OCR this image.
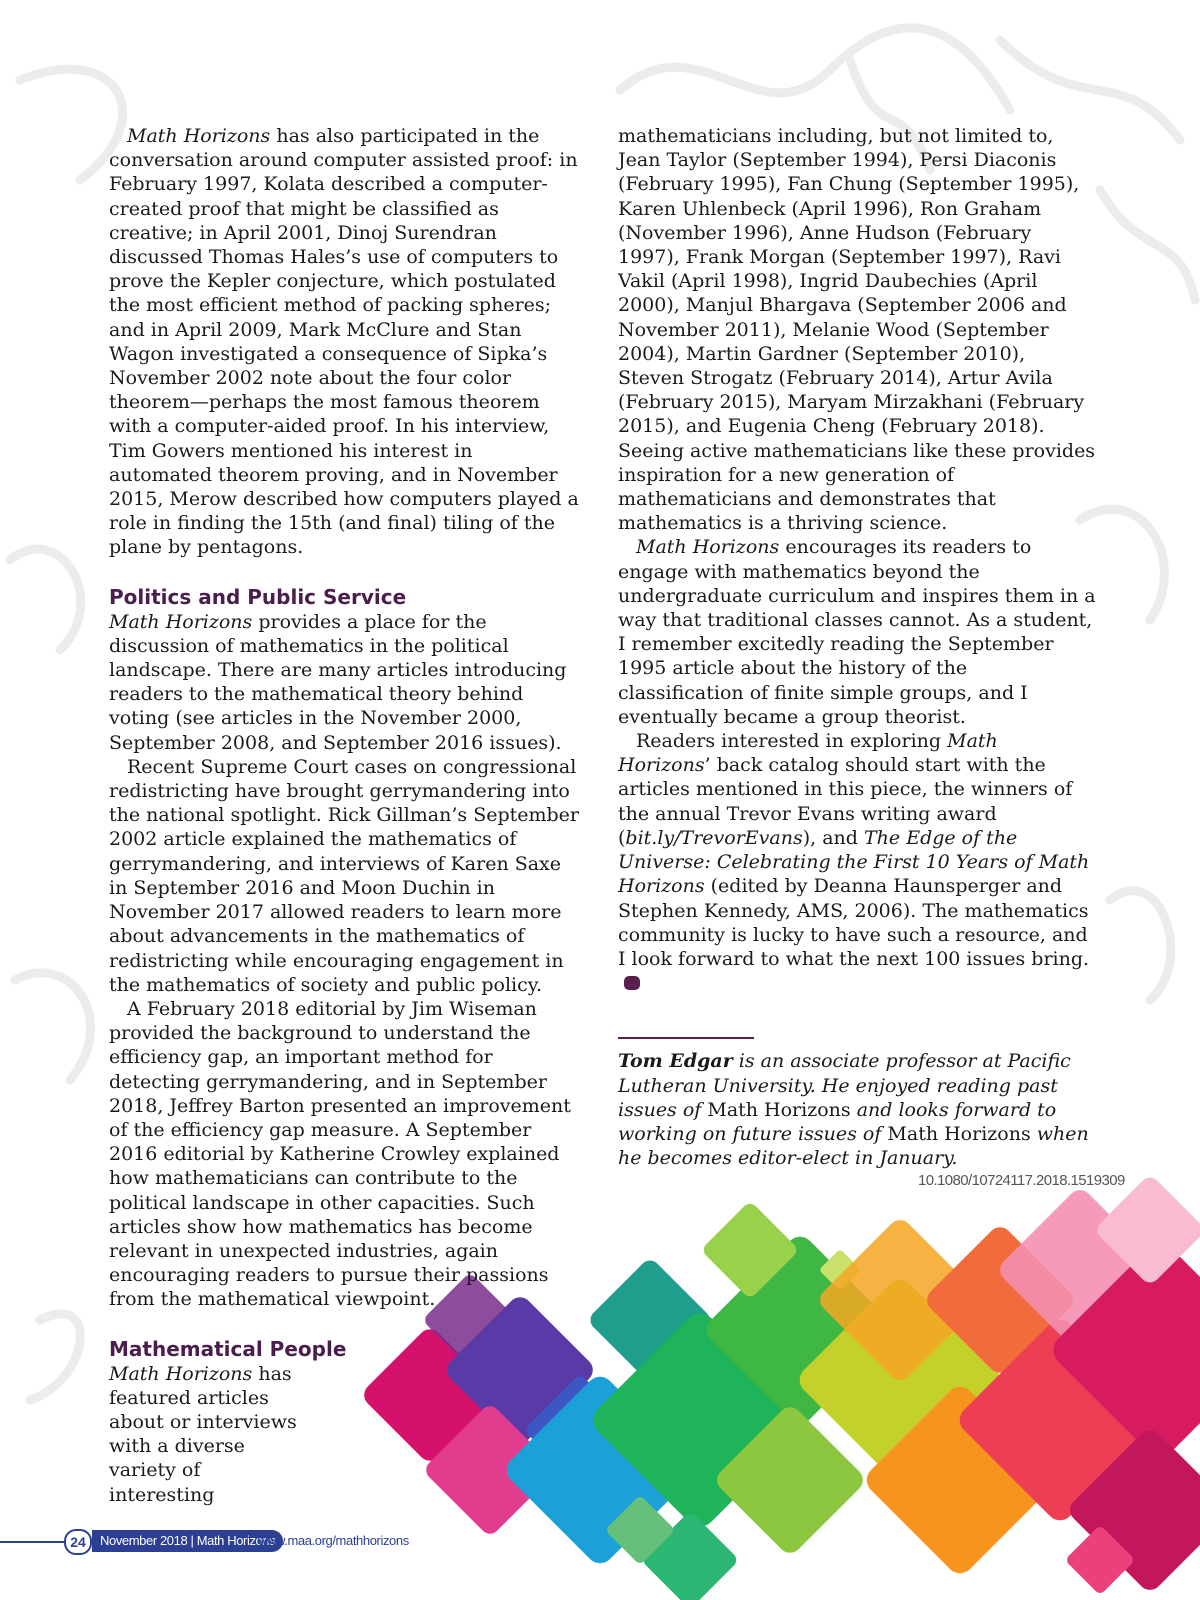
Math Horizons has also participated in the conversation around computer assisted proof: in February 1997, Kolata described a computer-created proof that might be classified as creative; in April 2001, Dinoj Surendran discussed Thomas Hales’s use of computers to prove the Kepler conjecture, which postulated the most efficient method of packing spheres; and in April 2009, Mark McClure and Stan Wagon investigated a consequence of Sipka’s November 2002 note about the four color theorem—perhaps the most famous theorem with a computer-aided proof. In his interview, Tim Gowers mentioned his interest in automated theorem proving, and in November 2015, Merow described how computers played a role in finding the 15th (and final) tiling of the plane by pentagons.

Politics and Public Service

Math Horizons provides a place for the discussion of mathematics in the political landscape. There are many articles introducing readers to the mathematical theory behind voting (see articles in the November 2000, September 2008, and September 2016 issues).

Recent Supreme Court cases on congressional redistricting have brought gerrymandering into the national spotlight. Rick Gillman’s September 2002 article explained the mathematics of gerrymandering, and interviews of Karen Saxe in September 2016 and Moon Duchin in November 2017 allowed readers to learn more about advancements in the mathematics of redistricting while encouraging engagement in the mathematics of society and public policy.

A February 2018 editorial by Jim Wiseman provided the background to understand the efficiency gap, an important method for detecting gerrymandering, and in September 2018, Jeffrey Barton presented an improvement of the efficiency gap measure. A September 2016 editorial by Katherine Crowley explained how mathematicians can contribute to the political landscape in other capacities. Such articles show how mathematics has become relevant in unexpected industries, again encouraging readers to pursue their passions from the mathematical viewpoint.

Mathematical People

Math Horizons has featured articles about or interviews with a diverse variety of interesting

mathematicians including, but not limited to, Jean Taylor (September 1994), Persi Diaconis (February 1995), Fan Chung (September 1995), Karen Uhlenbeck (April 1996), Ron Graham (November 1996), Anne Hudson (February 1997), Frank Morgan (September 1997), Ravi Vakil (April 1998), Ingrid Daubechies (April 2000), Manjul Bhargava (September 2006 and November 2011), Melanie Wood (September 2004), Martin Gardner (September 2010), Steven Strogatz (February 2014), Artur Avila (February 2015), Maryam Mirzakhani (February 2015), and Eugenia Cheng (February 2018). Seeing active mathematicians like these provides inspiration for a new generation of mathematicians and demonstrates that mathematics is a thriving science.

Math Horizons encourages its readers to engage with mathematics beyond the undergraduate curriculum and inspires them in a way that traditional classes cannot. As a student, I remember excitedly reading the September 1995 article about the history of the classification of finite simple groups, and I eventually became a group theorist.

Readers interested in exploring Math Horizons’ back catalog should start with the articles mentioned in this piece, the winners of the annual Trevor Evans writing award (bit.ly/TrevorEvans), and The Edge of the Universe: Celebrating the First 10 Years of Math Horizons (edited by Deanna Haunsperger and Stephen Kennedy, AMS, 2006). The mathematics community is lucky to have such a resource, and I look forward to what the next 100 issues bring.

Tom Edgar is an associate professor at Pacific Lutheran University. He enjoyed reading past issues of Math Horizons and looks forward to working on future issues of Math Horizons when he becomes editor-elect in January.

10.1080/10724117.2018.1519309
24	November 2018 | Math Horizons
www.maa.org/mathhorizons
